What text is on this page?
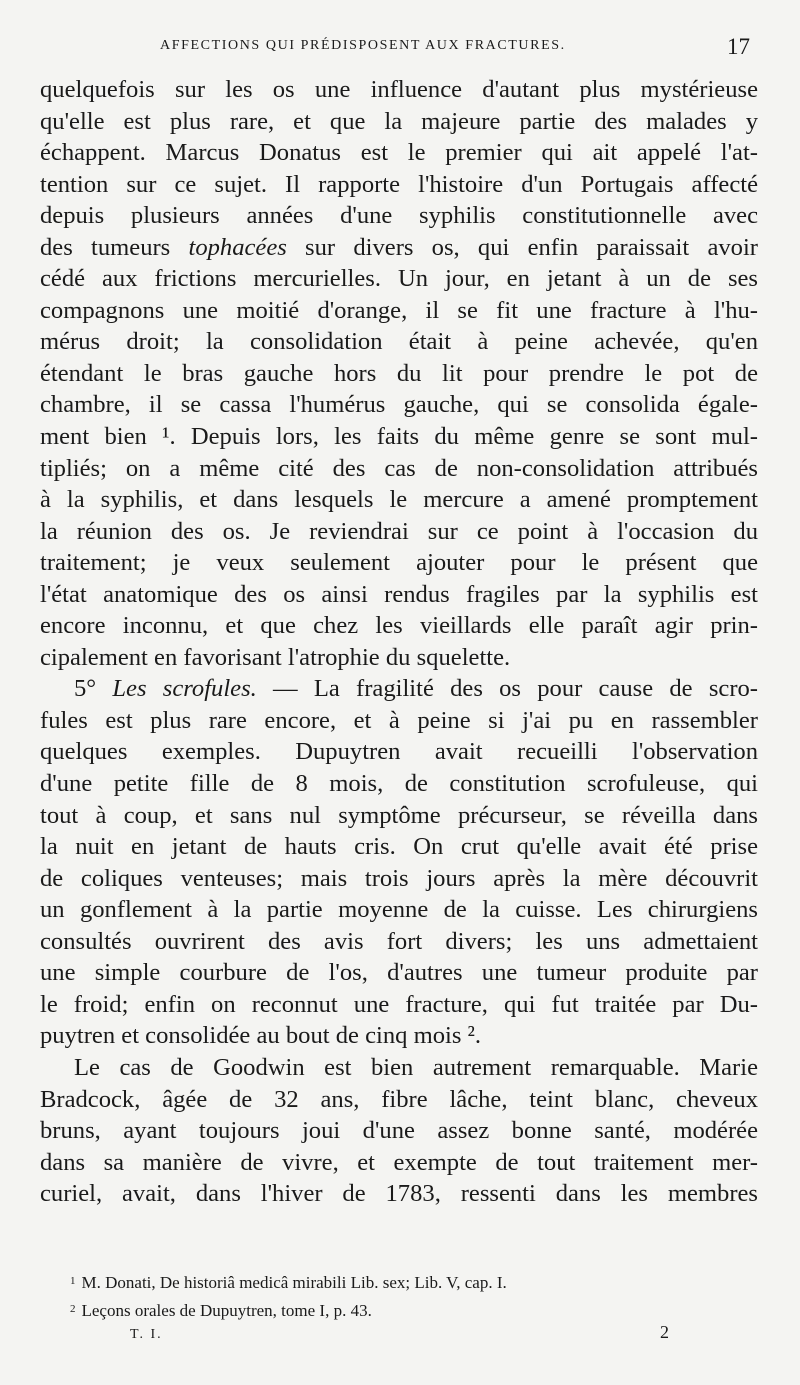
AFFECTIONS QUI PRÉDISPOSENT AUX FRACTURES.	17
quelquefois sur les os une influence d'autant plus mystérieuse
qu'elle est plus rare, et que la majeure partie des malades y
échappent. Marcus Donatus est le premier qui ait appelé l'at-
tention sur ce sujet. Il rapporte l'histoire d'un Portugais affecté
depuis plusieurs années d'une syphilis constitutionnelle avec
des tumeurs tophacées sur divers os, qui enfin paraissait avoir
cédé aux frictions mercurielles. Un jour, en jetant à un de ses
compagnons une moitié d'orange, il se fit une fracture à l'hu-
mérus droit; la consolidation était à peine achevée, qu'en
étendant le bras gauche hors du lit pour prendre le pot de
chambre, il se cassa l'humérus gauche, qui se consolida égale-
ment bien ¹. Depuis lors, les faits du même genre se sont mul-
tipliés; on a même cité des cas de non-consolidation attribués
à la syphilis, et dans lesquels le mercure a amené promptement
la réunion des os. Je reviendrai sur ce point à l'occasion du
traitement; je veux seulement ajouter pour le présent que
l'état anatomique des os ainsi rendus fragiles par la syphilis est
encore inconnu, et que chez les vieillards elle paraît agir prin-
cipalement en favorisant l'atrophie du squelette.
5° Les scrofules. — La fragilité des os pour cause de scro-
fules est plus rare encore, et à peine si j'ai pu en rassembler
quelques exemples. Dupuytren avait recueilli l'observation
d'une petite fille de 8 mois, de constitution scrofuleuse, qui
tout à coup, et sans nul symptôme précurseur, se réveilla dans
la nuit en jetant de hauts cris. On crut qu'elle avait été prise
de coliques venteuses; mais trois jours après la mère découvrit
un gonflement à la partie moyenne de la cuisse. Les chirurgiens
consultés ouvrirent des avis fort divers; les uns admettaient
une simple courbure de l'os, d'autres une tumeur produite par
le froid; enfin on reconnut une fracture, qui fut traitée par Du-
puytren et consolidée au bout de cinq mois ².
Le cas de Goodwin est bien autrement remarquable. Marie
Bradcock, âgée de 32 ans, fibre lâche, teint blanc, cheveux
bruns, ayant toujours joui d'une assez bonne santé, modérée
dans sa manière de vivre, et exempte de tout traitement mer-
curiel, avait, dans l'hiver de 1783, ressenti dans les membres
$^1$ M. Donati, De historiâ medicâ mirabili Lib. sex; Lib. V, cap. I.
$^2$ Leçons orales de Dupuytren, tome I, p. 43.
T. I.	2
